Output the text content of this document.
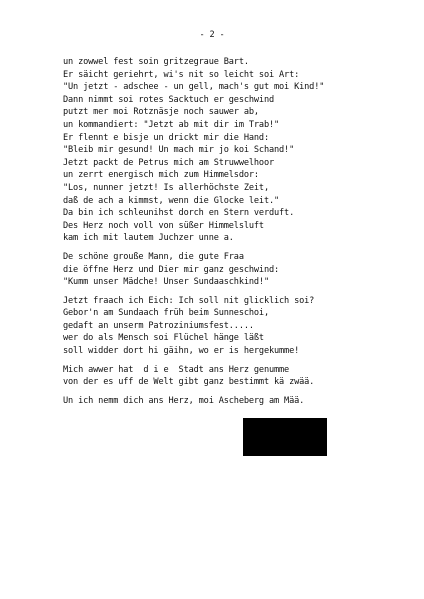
- 2 -
un zowwel fest soin gritzegraue Bart.
Er säicht geriehrt, wi's nit so leicht soi Art:
"Un jetzt - adschee - un gell, mach's gut moi Kind!"
Dann nimmt soi rotes Sacktuch er geschwind
putzt mer moi Rotznäsje noch sauwer ab,
un kommandiert: "Jetzt ab mit dir im Trab!"
Er flennt e bisje un drickt mir die Hand:
"Bleib mir gesund! Un mach mir jo koi Schand!"
Jetzt packt de Petrus mich am Struwwelhoor
un zerrt energisch mich zum Himmelsdor:
"Los, nunner jetzt! Is allerhöchste Zeit,
daß de ach a kimmst, wenn die Glocke leit."
Da bin ich schleunihst dorch en Stern verduft.
Des Herz noch voll von süßer Himmelsluft
kam ich mit lautem Juchzer unne a.
De schöne grouße Mann, die gute Fraa
die öffne Herz und Dier mir ganz geschwind:
"Kumm unser Mädche! Unser Sundaaschkind!"
Jetzt fraach ich Eich: Ich soll nit glicklich soi?
Gebor'n am Sundaach früh beim Sunneschoi,
gedaft an unserm Patroziniumsfest.....
wer do als Mensch soi Flüchel hänge läßt
soll widder dort hi gäihn, wo er is hergekumme!
Mich awwer hat  d i e  Stadt ans Herz genumme
von der es uff de Welt gibt ganz bestimmt kä zwää.
Un ich nemm dich ans Herz, moi Ascheberg am Mää.
